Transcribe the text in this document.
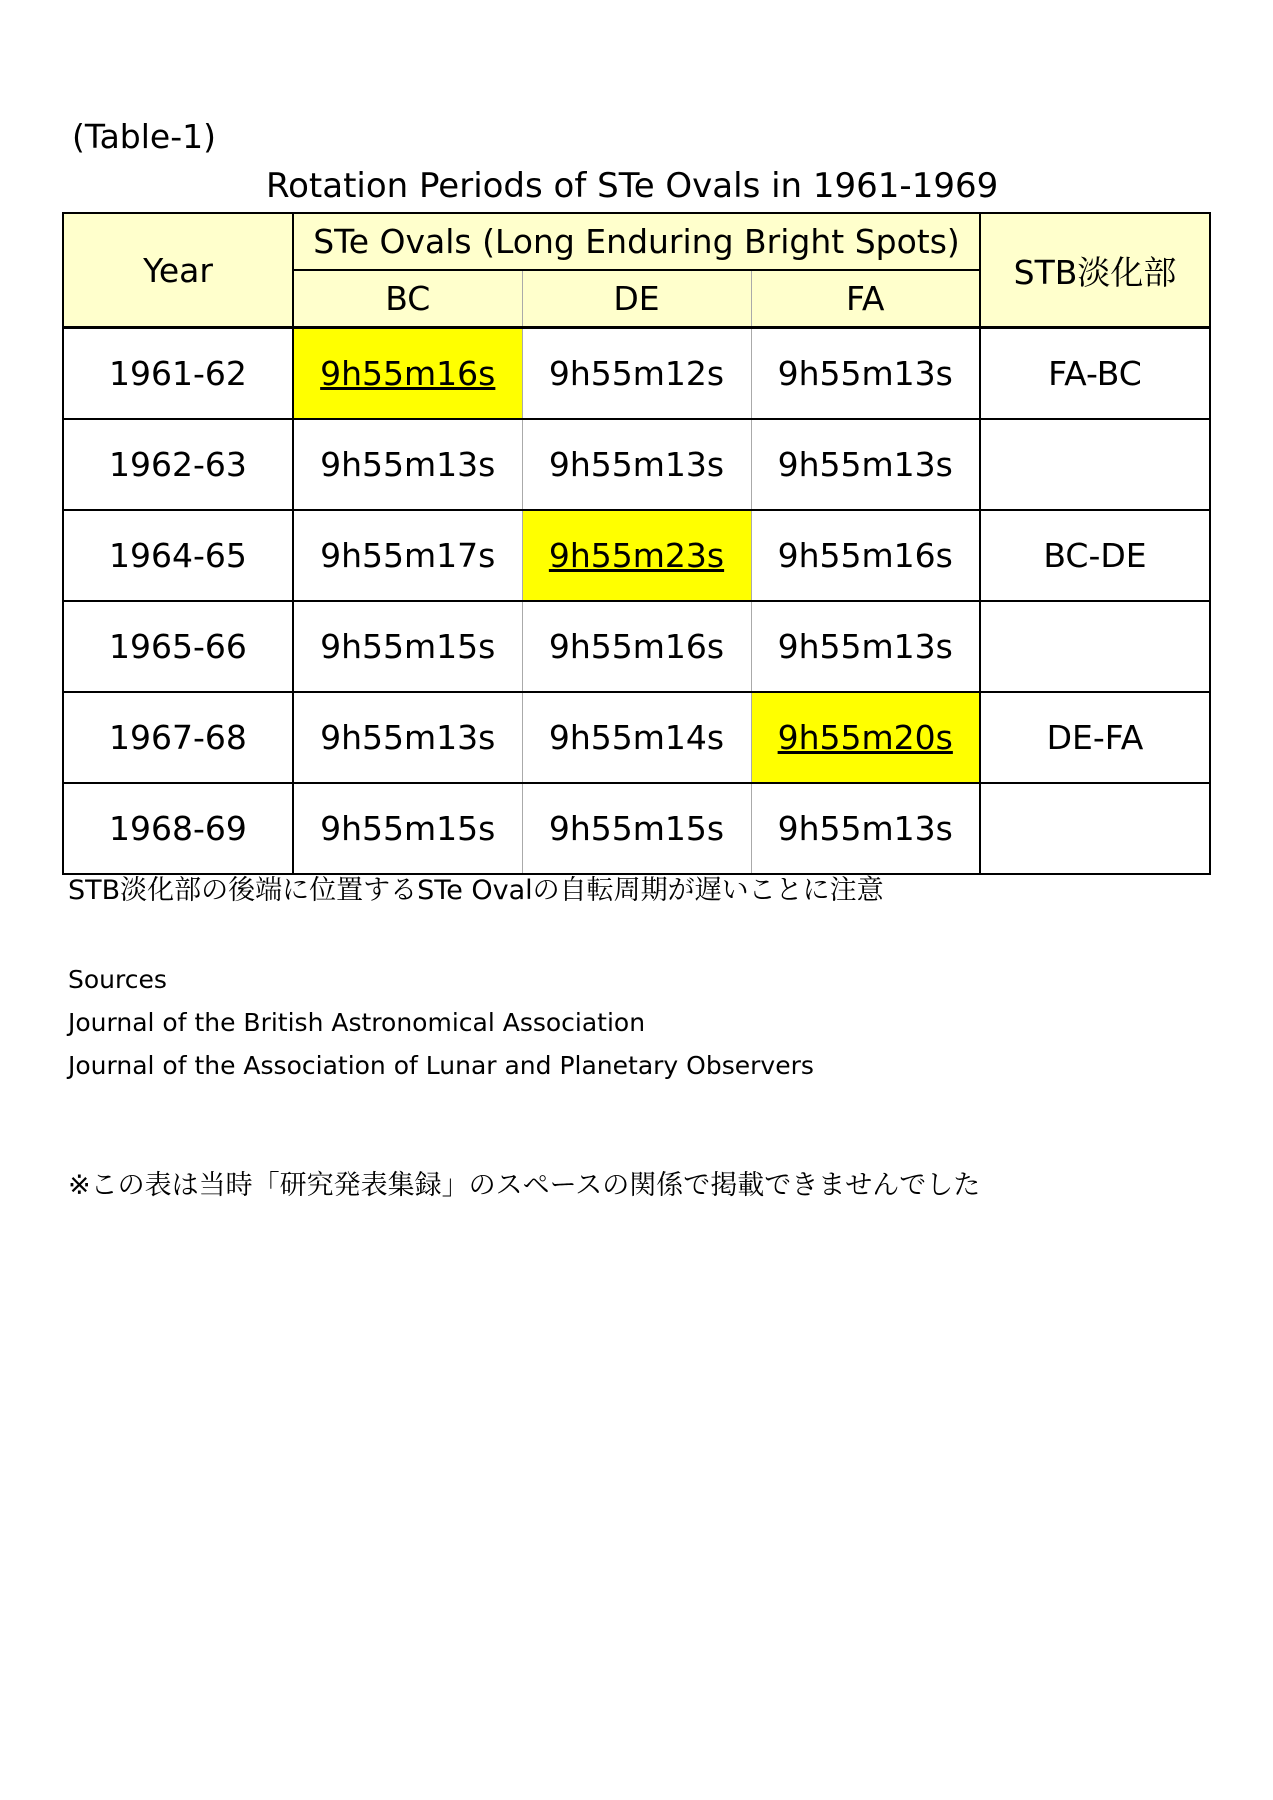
(Table-1)
Rotation Periods of STe Ovals in 1961-1969
Year	STe Ovals (Long Enduring Bright Spots)			STB淡化部
	BC	DE	FA	
1961-62	9h55m16s	9h55m12s	9h55m13s	FA-BC
1962-63	9h55m13s	9h55m13s	9h55m13s	
1964-65	9h55m17s	9h55m23s	9h55m16s	BC-DE
1965-66	9h55m15s	9h55m16s	9h55m13s	
1967-68	9h55m13s	9h55m14s	9h55m20s	DE-FA
1968-69	9h55m15s	9h55m15s	9h55m13s	
STB淡化部の後端に位置するSTe Ovalの自転周期が遅いことに注意
Sources
Journal of the British Astronomical Association
Journal of the Association of Lunar and Planetary Observers
※この表は当時「研究発表集録」のスペースの関係で掲載できませんでした
